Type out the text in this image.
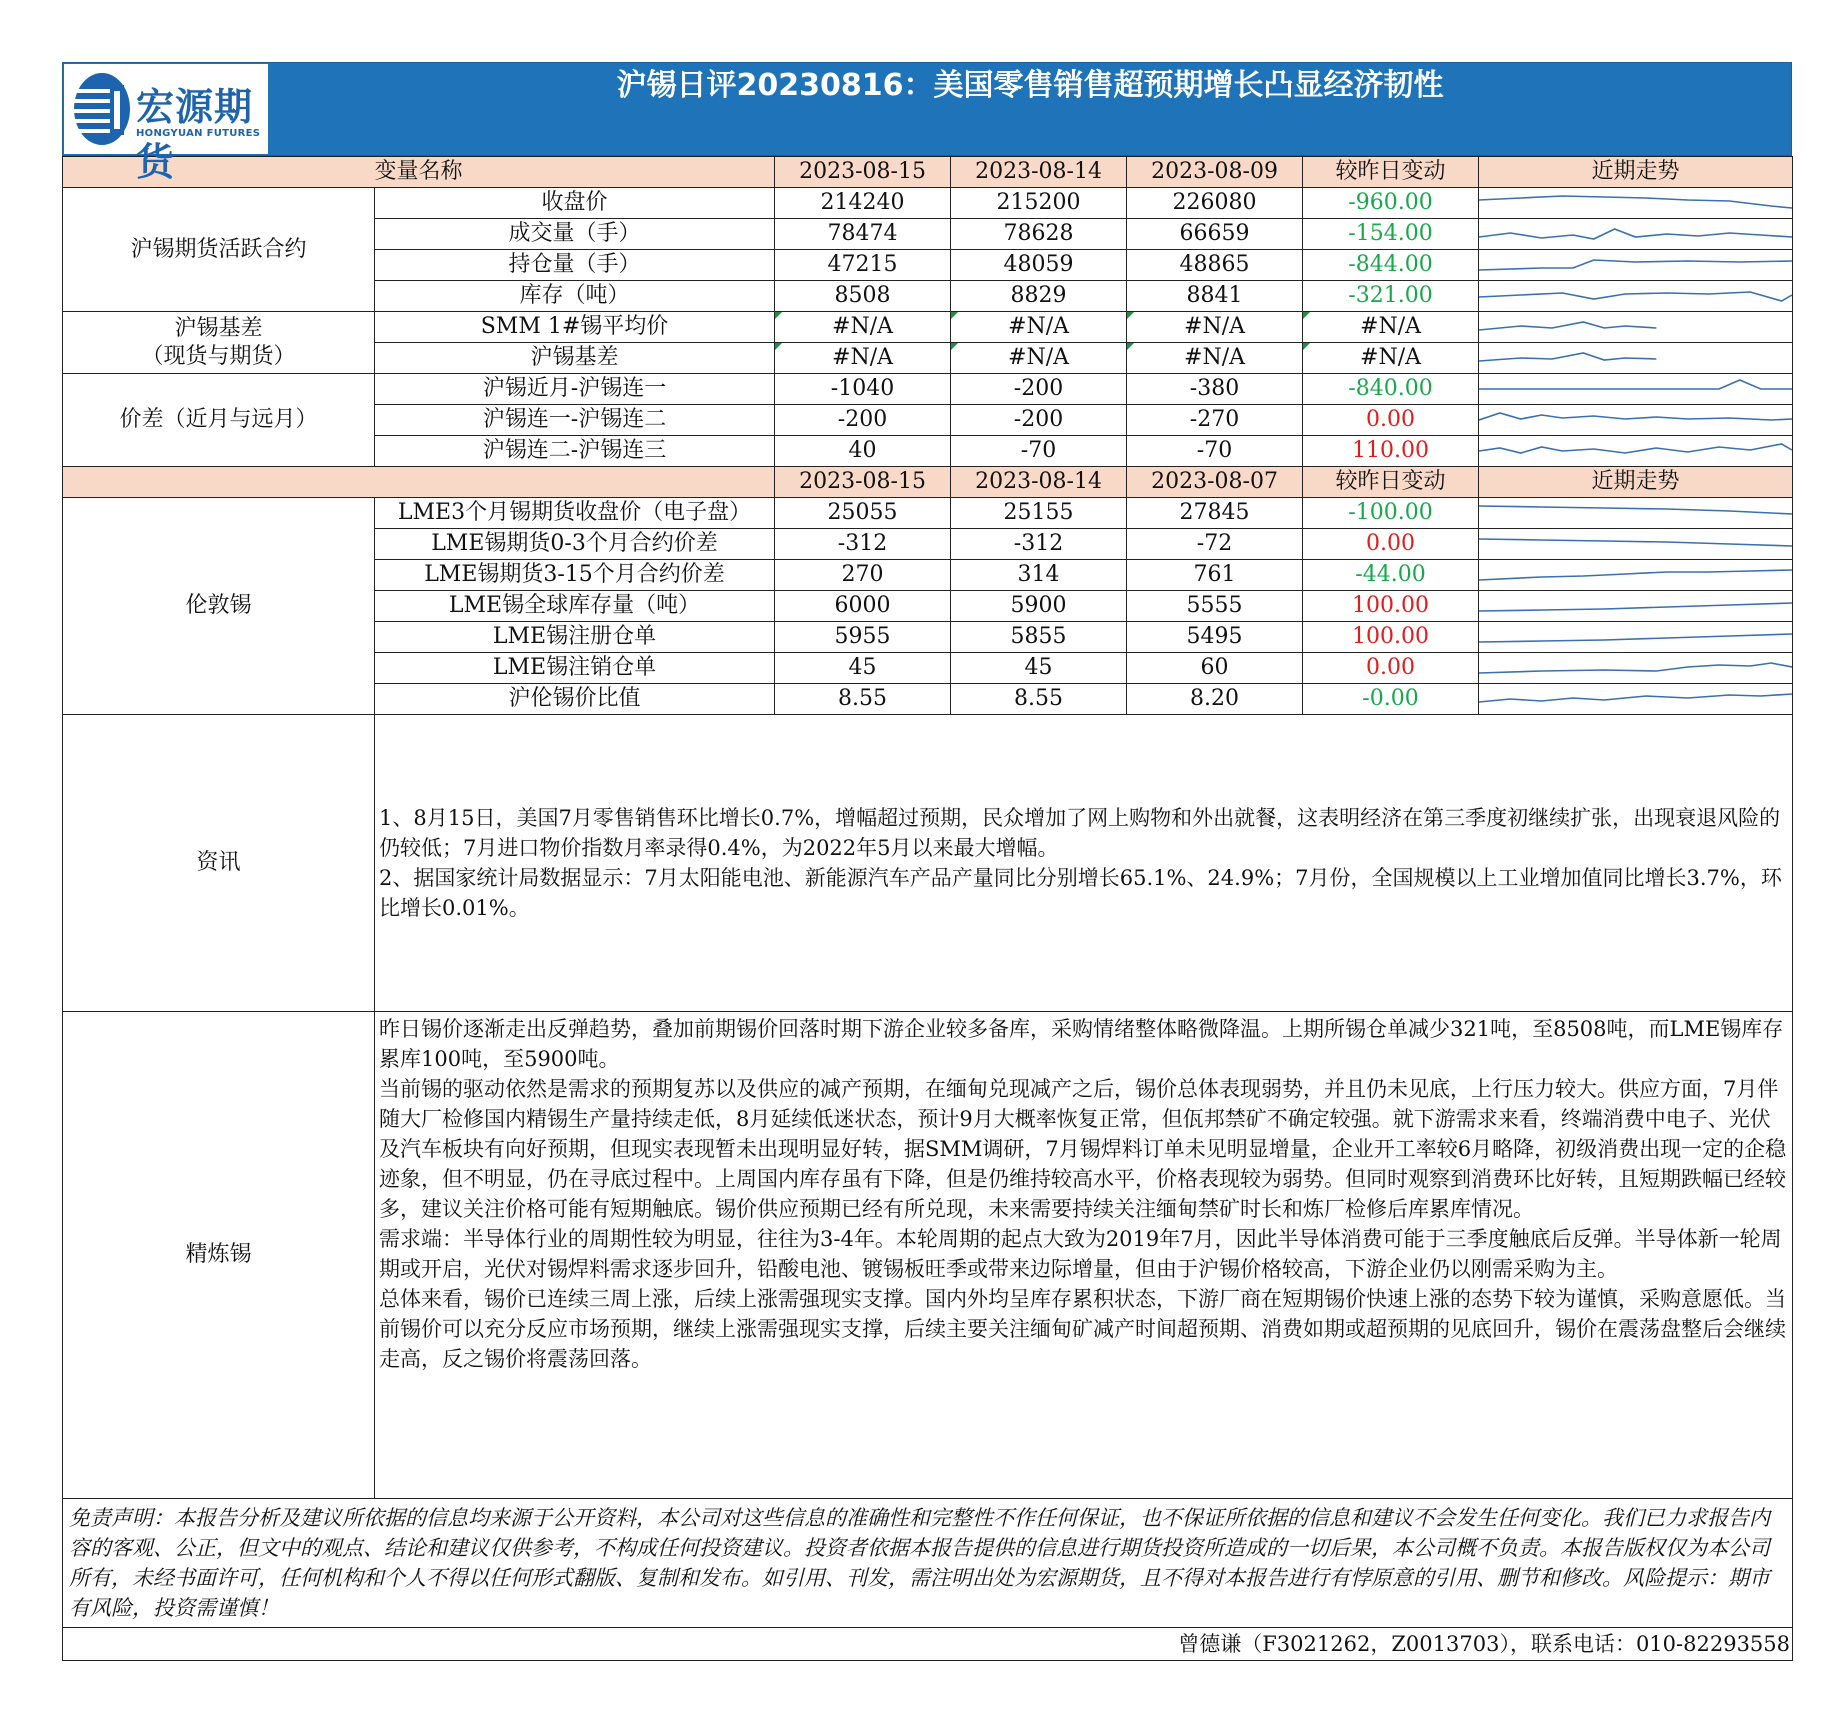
宏源期货
HONGYUAN FUTURES
沪锡日评20230816：美国零售销售超预期增长凸显经济韧性
变量名称		2023-08-15	2023-08-14	2023-08-09	较昨日变动	近期走势
沪锡期货活跃合约	收盘价	214240	215200	226080	-960.00	

	成交量（手）	78474	78628	66659	-154.00	

	持仓量（手）	47215	48059	48865	-844.00	

	库存（吨）	8508	8829	8841	-321.00	

沪锡基差
（现货与期货）	SMM 1#锡平均价	#N/A	#N/A	#N/A	#N/A	

	沪锡基差	#N/A	#N/A	#N/A	#N/A	

价差（近月与远月）	沪锡近月-沪锡连一	-1040	-200	-380	-840.00	

	沪锡连一-沪锡连二	-200	-200	-270	0.00	

	沪锡连二-沪锡连三	40	-70	-70	110.00	

		2023-08-15	2023-08-14	2023-08-07	较昨日变动	近期走势
伦敦锡	LME3个月锡期货收盘价（电子盘）	25055	25155	27845	-100.00	

	LME锡期货0-3个月合约价差	-312	-312	-72	0.00	

	LME锡期货3-15个月合约价差	270	314	761	-44.00	

	LME锡全球库存量（吨）	6000	5900	5555	100.00	

	LME锡注册仓单	5955	5855	5495	100.00	

	LME锡注销仓单	45	45	60	0.00	

	沪伦锡价比值	8.55	8.55	8.20	-0.00	

资讯	1、8月15日，美国7月零售销售环比增长0.7%，增幅超过预期，民众增加了网上购物和外出就餐，这表明经济在第三季度初继续扩张，出现衰退风险的仍较低；7月进口物价指数月率录得0.4%，为2022年5月以来最大增幅。

2、据国家统计局数据显示：7月太阳能电池、新能源汽车产品产量同比分别增长65.1%、24.9%；7月份，全国规模以上工业增加值同比增长3.7%，环比增长0.01%。					

精炼锡	昨日锡价逐渐走出反弹趋势，叠加前期锡价回落时期下游企业较多备库，采购情绪整体略微降温。上期所锡仓单减少321吨，至8508吨，而LME锡库存累库100吨，至5900吨。

当前锡的驱动依然是需求的预期复苏以及供应的减产预期，在缅甸兑现减产之后，锡价总体表现弱势，并且仍未见底，上行压力较大。供应方面，7月伴随大厂检修国内精锡生产量持续走低，8月延续低迷状态，预计9月大概率恢复正常，但佤邦禁矿不确定较强。就下游需求来看，终端消费中电子、光伏及汽车板块有向好预期，但现实表现暂未出现明显好转，据SMM调研，7月锡焊料订单未见明显增量，企业开工率较6月略降，初级消费出现一定的企稳迹象，但不明显，仍在寻底过程中。上周国内库存虽有下降，但是仍维持较高水平，价格表现较为弱势。但同时观察到消费环比好转，且短期跌幅已经较多，建议关注价格可能有短期触底。锡价供应预期已经有所兑现，未来需要持续关注缅甸禁矿时长和炼厂检修后库累库情况。

需求端：半导体行业的周期性较为明显，往往为3-4年。本轮周期的起点大致为2019年7月，因此半导体消费可能于三季度触底后反弹。半导体新一轮周期或开启，光伏对锡焊料需求逐步回升，铅酸电池、镀锡板旺季或带来边际增量，但由于沪锡价格较高，下游企业仍以刚需采购为主。

总体来看，锡价已连续三周上涨，后续上涨需强现实支撑。国内外均呈库存累积状态，下游厂商在短期锡价快速上涨的态势下较为谨慎，采购意愿低。当前锡价可以充分反应市场预期，继续上涨需强现实支撑，后续主要关注缅甸矿减产时间超预期、消费如期或超预期的见底回升，锡价在震荡盘整后会继续走高，反之锡价将震荡回落。					

免责声明：本报告分析及建议所依据的信息均来源于公开资料，本公司对这些信息的准确性和完整性不作任何保证，也不保证所依据的信息和建议不会发生任何变化。我们已力求报告内容的客观、公正，但文中的观点、结论和建议仅供参考，不构成任何投资建议。投资者依据本报告提供的信息进行期货投资所造成的一切后果，本公司概不负责。本报告版权仅为本公司所有，未经书面许可，任何机构和个人不得以任何形式翻版、复制和发布。如引用、刊发，需注明出处为宏源期货，且不得对本报告进行有悖原意的引用、删节和修改。风险提示：期市有风险，投资需谨慎！						
曾德谦（F3021262，Z0013703），联系电话：010-82293558						
